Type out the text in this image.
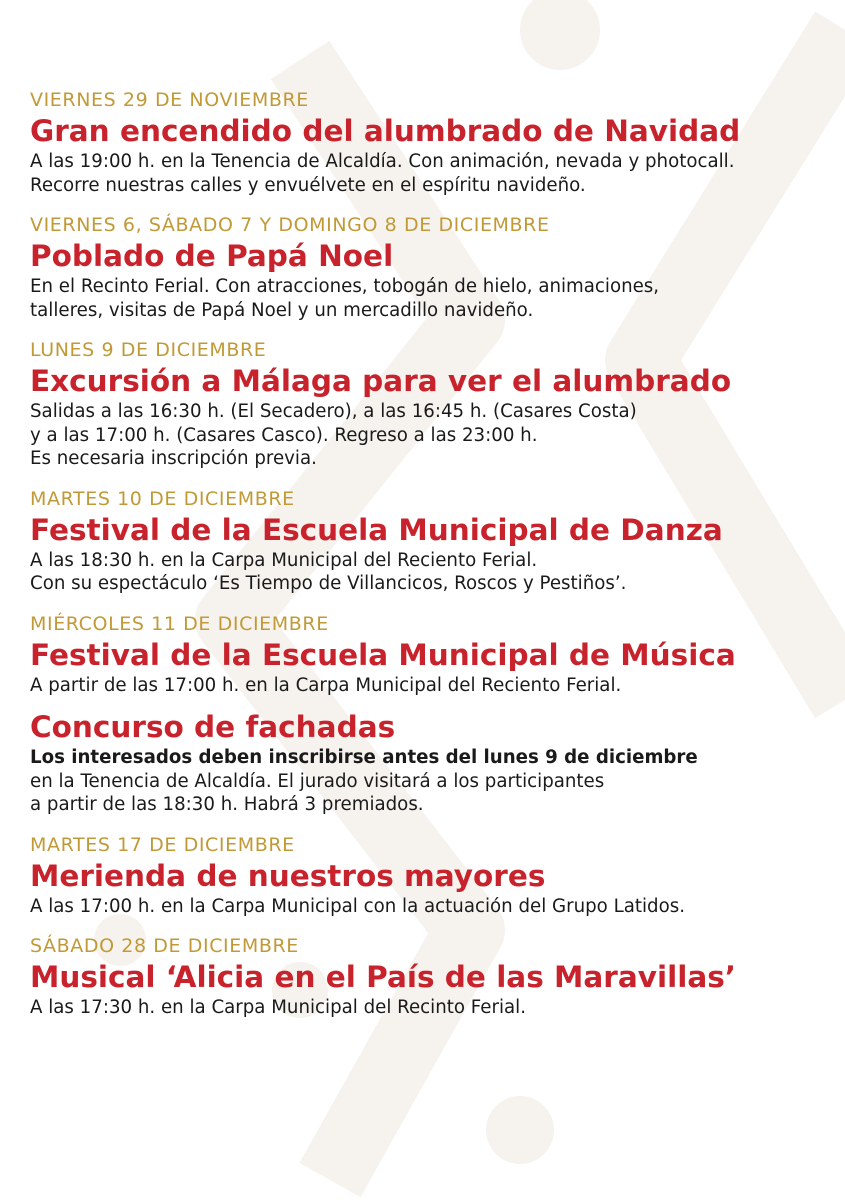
VIERNES 29 DE NOVIEMBRE
Gran encendido del alumbrado de Navidad
A las 19:00 h. en la Tenencia de Alcaldía. Con animación, nevada y photocall.
Recorre nuestras calles y envuélvete en el espíritu navideño.
VIERNES 6, SÁBADO 7 Y DOMINGO 8 DE DICIEMBRE
Poblado de Papá Noel
En el Recinto Ferial. Con atracciones, tobogán de hielo, animaciones,
talleres, visitas de Papá Noel y un mercadillo navideño.
LUNES 9 DE DICIEMBRE
Excursión a Málaga para ver el alumbrado
Salidas a las 16:30 h. (El Secadero), a las 16:45 h. (Casares Costa)
y a las 17:00 h. (Casares Casco). Regreso a las 23:00 h.
Es necesaria inscripción previa.
MARTES 10 DE DICIEMBRE
Festival de la Escuela Municipal de Danza
A las 18:30 h. en la Carpa Municipal del Reciento Ferial.
Con su espectáculo ‘Es Tiempo de Villancicos, Roscos y Pestiños’.
MIÉRCOLES 11 DE DICIEMBRE
Festival de la Escuela Municipal de Música
A partir de las 17:00 h. en la Carpa Municipal del Reciento Ferial.
Concurso de fachadas
Los interesados deben inscribirse antes del lunes 9 de diciembre
en la Tenencia de Alcaldía. El jurado visitará a los participantes
a partir de las 18:30 h. Habrá 3 premiados.
MARTES 17 DE DICIEMBRE
Merienda de nuestros mayores
A las 17:00 h. en la Carpa Municipal con la actuación del Grupo Latidos.
SÁBADO 28 DE DICIEMBRE
Musical ‘Alicia en el País de las Maravillas’
A las 17:30 h. en la Carpa Municipal del Recinto Ferial.
